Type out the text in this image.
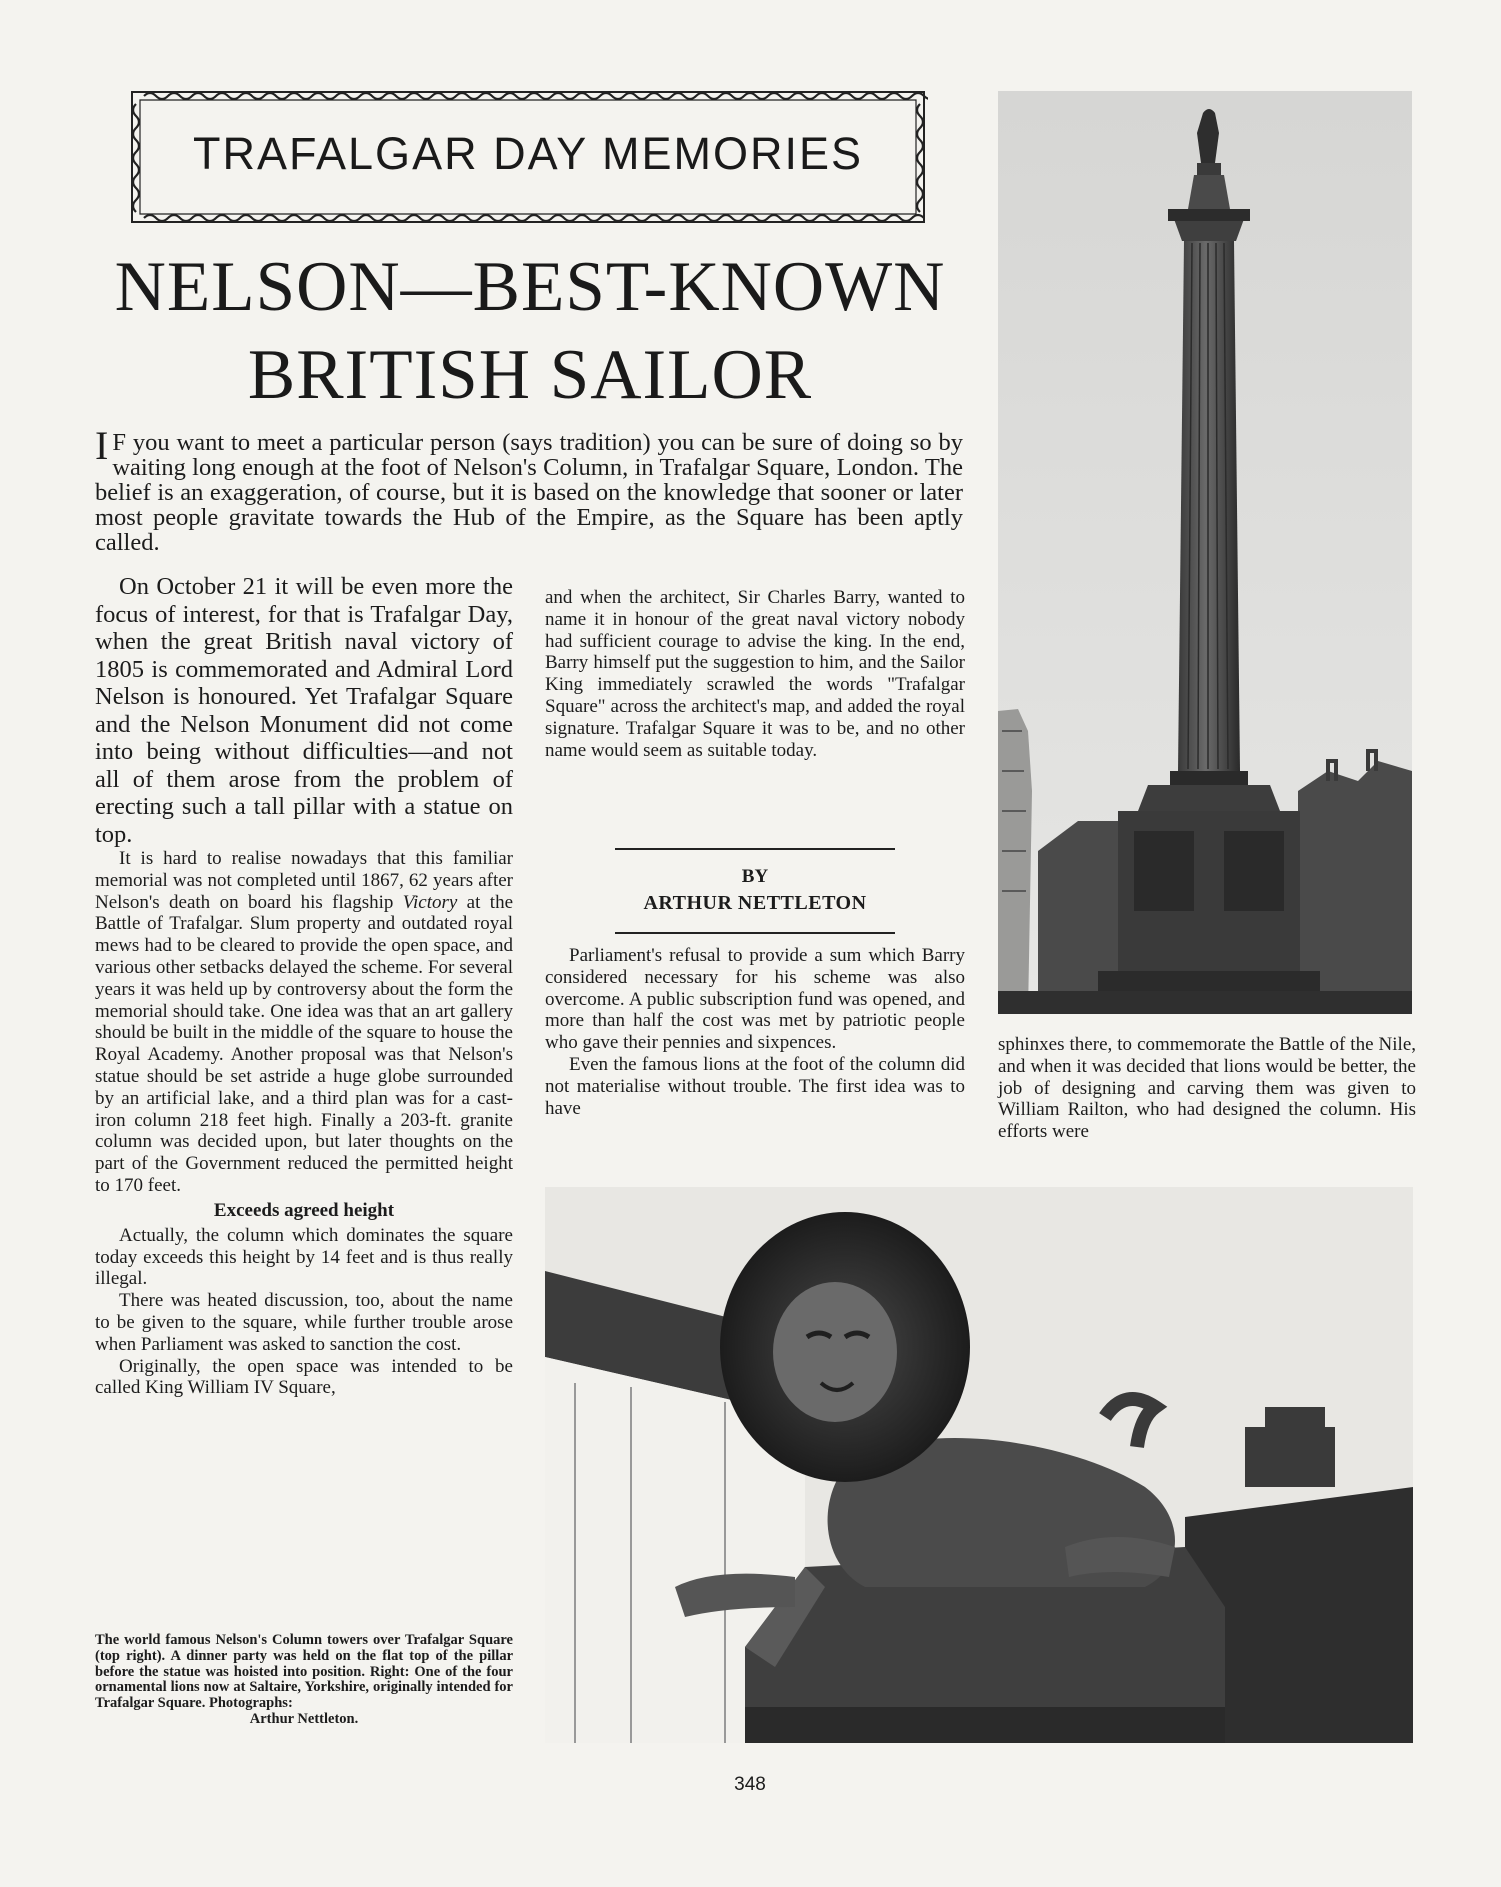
TRAFALGAR DAY MEMORIES
NELSON—BEST-KNOWN
BRITISH SAILOR
I F you want to meet a particular person (says tradition) you can be sure of doing so by waiting long enough at the foot of Nelson's Column, in Trafalgar Square, London. The belief is an exaggeration, of course, but it is based on the knowledge that sooner or later most people gravitate towards the Hub of the Empire, as the Square has been aptly called.

On October 21 it will be even more the focus of interest, for that is Trafalgar Day, when the great British naval victory of 1805 is commemorated and Admiral Lord Nelson is honoured. Yet Trafalgar Square and the Nelson Monument did not come into being without difficulties—and not all of them arose from the problem of erecting such a tall pillar with a statue on top.

It is hard to realise nowadays that this familiar memorial was not completed until 1867, 62 years after Nelson's death on board his flagship Victory at the Battle of Trafalgar. Slum property and outdated royal mews had to be cleared to provide the open space, and various other setbacks delayed the scheme. For several years it was held up by controversy about the form the memorial should take. One idea was that an art gallery should be built in the middle of the square to house the Royal Academy. Another proposal was that Nelson's statue should be set astride a huge globe surrounded by an artificial lake, and a third plan was for a cast-iron column 218 feet high. Finally a 203-ft. granite column was decided upon, but later thoughts on the part of the Government reduced the permitted height to 170 feet.

Exceeds agreed height

Actually, the column which dominates the square today exceeds this height by 14 feet and is thus really illegal.

There was heated discussion, too, about the name to be given to the square, while further trouble arose when Parliament was asked to sanction the cost.

Originally, the open space was intended to be called King William IV Square,

and when the architect, Sir Charles Barry, wanted to name it in honour of the great naval victory nobody had sufficient courage to advise the king. In the end, Barry himself put the suggestion to him, and the Sailor King immediately scrawled the words "Trafalgar Square" across the architect's map, and added the royal signature. Trafalgar Square it was to be, and no other name would seem as suitable today.

BY
ARTHUR NETTLETON

Parliament's refusal to provide a sum which Barry considered necessary for his scheme was also overcome. A public subscription fund was opened, and more than half the cost was met by patriotic people who gave their pennies and sixpences.

Even the famous lions at the foot of the column did not materialise without trouble. The first idea was to have

sphinxes there, to commemorate the Battle of the Nile, and when it was decided that lions would be better, the job of designing and carving them was given to William Railton, who had designed the column. His efforts were

The world famous Nelson's Column towers over Trafalgar Square (top right). A dinner party was held on the flat top of the pillar before the statue was hoisted into position. Right: One of the four ornamental lions now at Saltaire, Yorkshire, originally intended for Trafalgar Square. Photographs:
Arthur Nettleton.
348
